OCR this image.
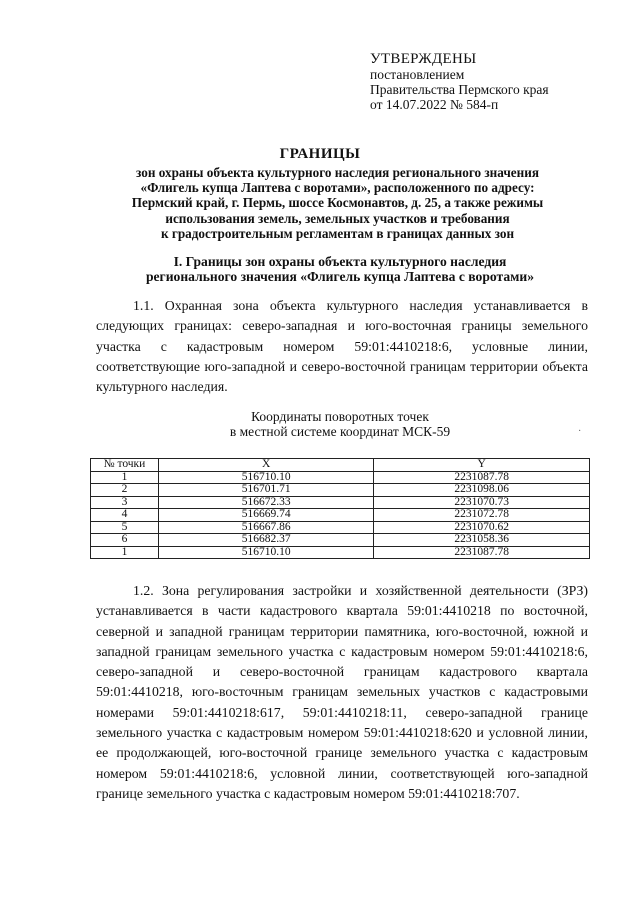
УТВЕРЖДЕНЫ
постановлением
Правительства Пермского края
от 14.07.2022 № 584-п
ГРАНИЦЫ
зон охраны объекта культурного наследия регионального значения
«Флигель купца Лаптева с воротами», расположенного по адресу:
Пермский край, г. Пермь, шоссе Космонавтов, д. 25, а также режимы
использования земель, земельных участков и требования
к градостроительным регламентам в границах данных зон
I. Границы зон охраны объекта культурного наследия
регионального значения «Флигель купца Лаптева с воротами»
1.1. Охранная зона объекта культурного наследия устанавливается в следующих границах: северо-западная и юго-восточная границы земельного участка с кадастровым номером 59:01:4410218:6, условные линии, соответствующие юго-западной и северо-восточной границам территории объекта культурного наследия.
Координаты поворотных точек
в местной системе координат МСК-59	·
№ точки	X	Y
1	516710.10	2231087.78
2	516701.71	2231098.06
3	516672.33	2231070.73
4	516669.74	2231072.78
5	516667.86	2231070.62
6	516682.37	2231058.36
1	516710.10	2231087.78
1.2. Зона регулирования застройки и хозяйственной деятельности (ЗРЗ) устанавливается в части кадастрового квартала 59:01:4410218 по восточной, северной и западной границам территории памятника, юго-восточной, южной и западной границам земельного участка с кадастровым номером 59:01:4410218:6, северо-западной и северо-восточной границам кадастрового квартала 59:01:4410218, юго-восточным границам земельных участков с кадастровыми номерами 59:01:4410218:617, 59:01:4410218:11, северо-западной границе земельного участка с кадастровым номером 59:01:4410218:620 и условной линии, ее продолжающей, юго-восточной границе земельного участка с кадастровым номером 59:01:4410218:6, условной линии, соответствующей юго-западной границе земельного участка с кадастровым номером 59:01:4410218:707.
